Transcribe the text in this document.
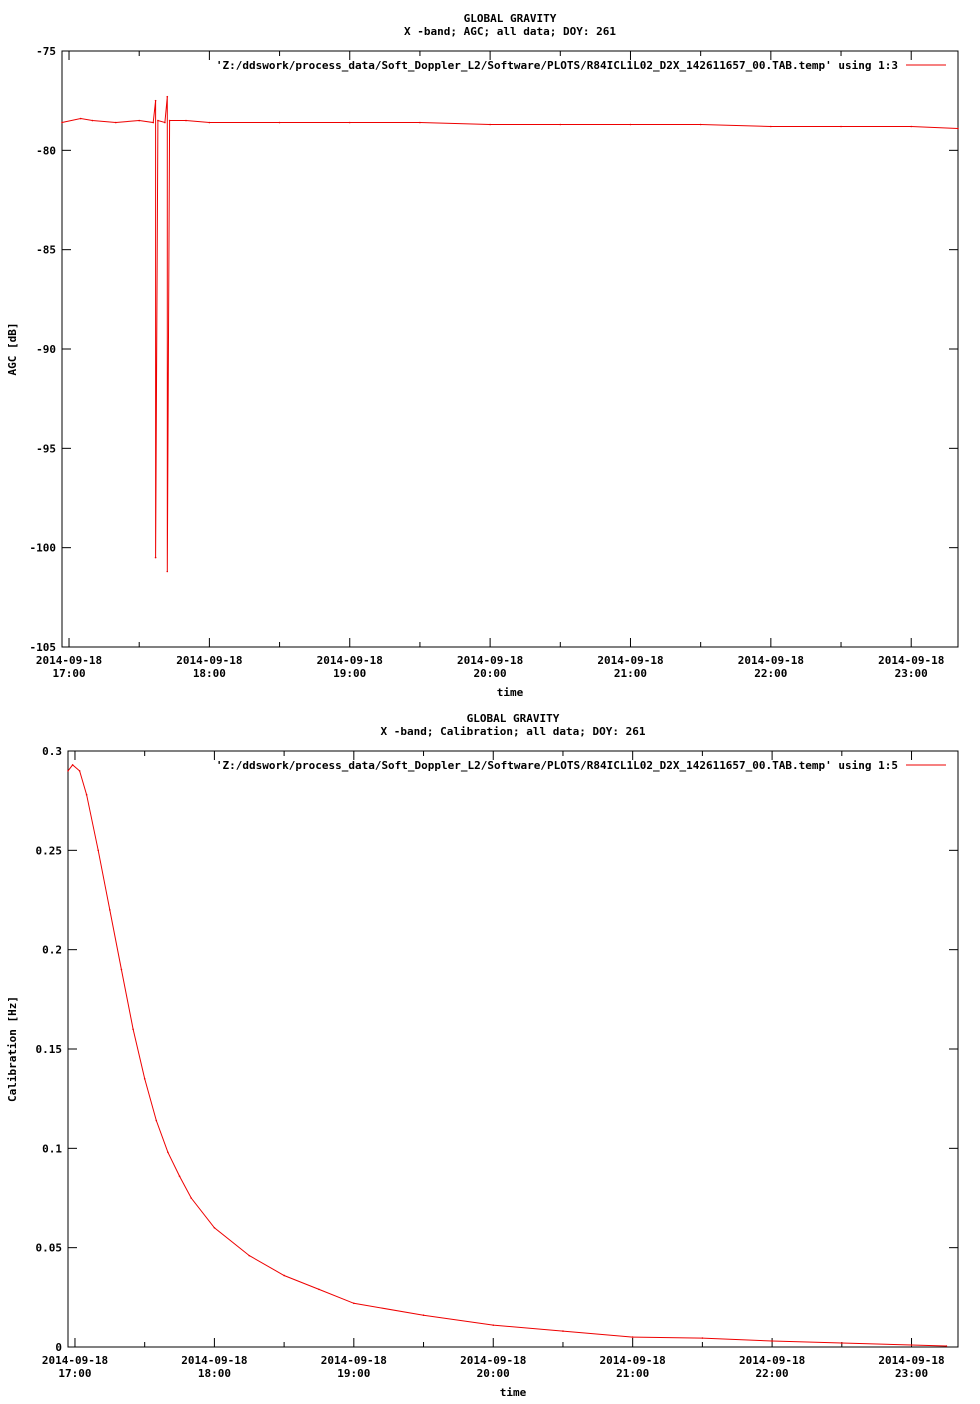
GLOBAL GRAVITY
X -band; AGC; all data; DOY: 261
-75
-80
-85
-90
-95
-100
-105
2014-09-18
17:00
2014-09-18
18:00
2014-09-18
19:00
2014-09-18
20:00
2014-09-18
21:00
2014-09-18
22:00
2014-09-18
23:00
time
AGC [dB]
'Z:/ddswork/process_data/Soft_Doppler_L2/Software/PLOTS/R84ICL1L02_D2X_142611657_00.TAB.temp' using 1:3
GLOBAL GRAVITY
X -band; Calibration; all data; DOY: 261
0.3
0.25
0.2
0.15
0.1
0.05
0
2014-09-18
17:00
2014-09-18
18:00
2014-09-18
19:00
2014-09-18
20:00
2014-09-18
21:00
2014-09-18
22:00
2014-09-18
23:00
time
Calibration [Hz]
'Z:/ddswork/process_data/Soft_Doppler_L2/Software/PLOTS/R84ICL1L02_D2X_142611657_00.TAB.temp' using 1:5
